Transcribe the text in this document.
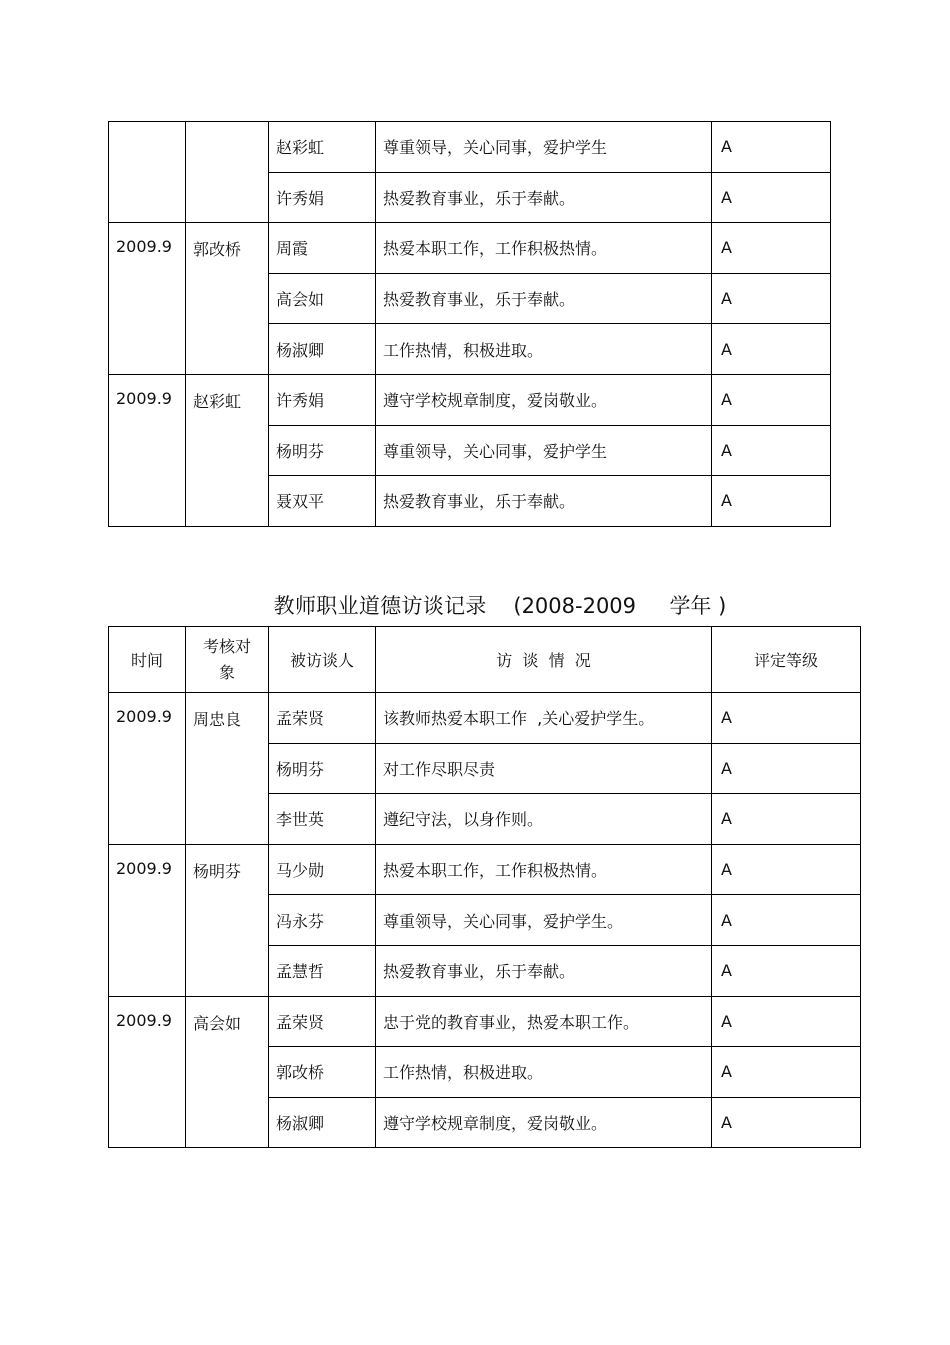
		赵彩虹	尊重领导，关心同事，爱护学生	A
		许秀娟	热爱教育事业，乐于奉献。	A
2009.9	郭改桥	周霞	热爱本职工作，工作积极热情。	A
		高会如	热爱教育事业，乐于奉献。	A
		杨淑卿	工作热情，积极进取。	A
2009.9	赵彩虹	许秀娟	遵守学校规章制度，爱岗敬业。	A
		杨明芬	尊重领导，关心同事，爱护学生	A
		聂双平	热爱教育事业，乐于奉献。	A
教师职业道德访谈记录 (2008-2009 学年 )
时间	考核对象	被访谈人	访  谈  情  况	评定等级
2009.9	周忠良	孟荣贤	该教师热爱本职工作  ,关心爱护学生。	A
		杨明芬	对工作尽职尽责	A
		李世英	遵纪守法，以身作则。	A
2009.9	杨明芬	马少勋	热爱本职工作，工作积极热情。	A
		冯永芬	尊重领导，关心同事，爱护学生。	A
		孟慧哲	热爱教育事业，乐于奉献。	A
2009.9	高会如	孟荣贤	忠于党的教育事业，热爱本职工作。	A
		郭改桥	工作热情，积极进取。	A
		杨淑卿	遵守学校规章制度，爱岗敬业。	A
